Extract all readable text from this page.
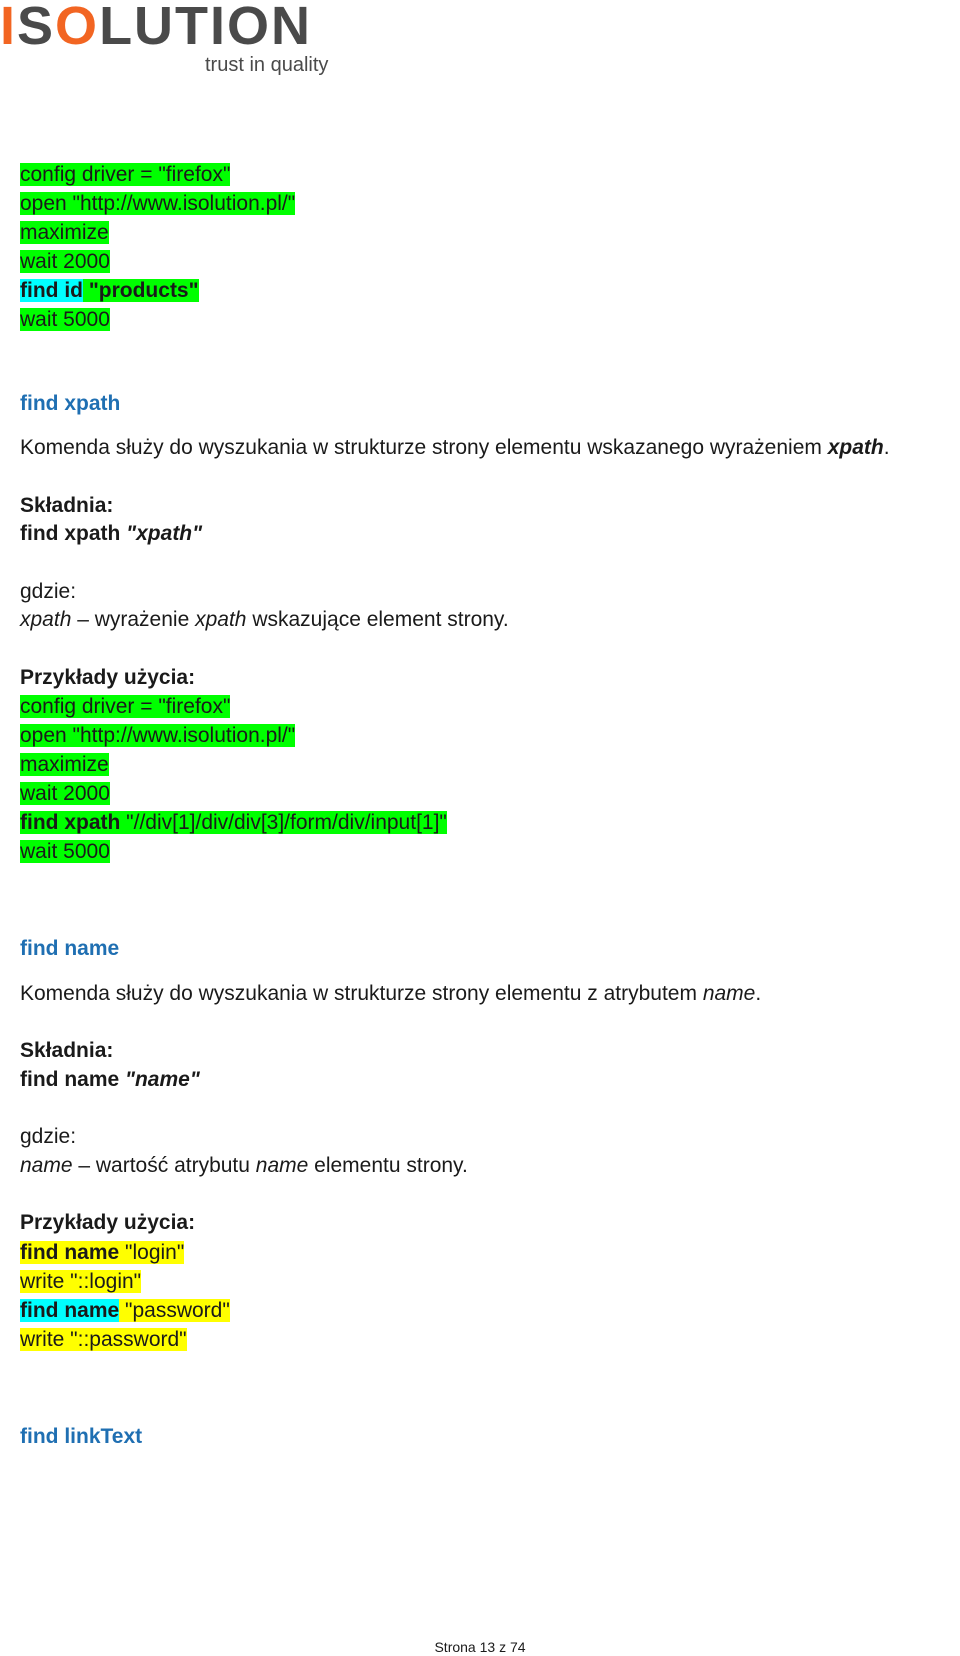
ISOLUTION
trust in quality
config driver = "firefox"
open "http://www.isolution.pl/"
maximize
wait 2000
find id "products"
wait 5000
find xpath
Komenda służy do wyszukania w strukturze strony elementu wskazanego wyrażeniem xpath.
Składnia:
find xpath "xpath"
gdzie:
xpath – wyrażenie xpath wskazujące element strony.
Przykłady użycia:
config driver = "firefox"
open "http://www.isolution.pl/"
maximize
wait 2000
find xpath "//div[1]/div/div[3]/form/div/input[1]"
wait 5000
find name
Komenda służy do wyszukania w strukturze strony elementu z atrybutem name.
Składnia:
find name "name"
gdzie:
name – wartość atrybutu name elementu strony.
Przykłady użycia:
find name "login"
write "::login"
find name "password"
write "::password"
find linkText
Strona 13 z 74
